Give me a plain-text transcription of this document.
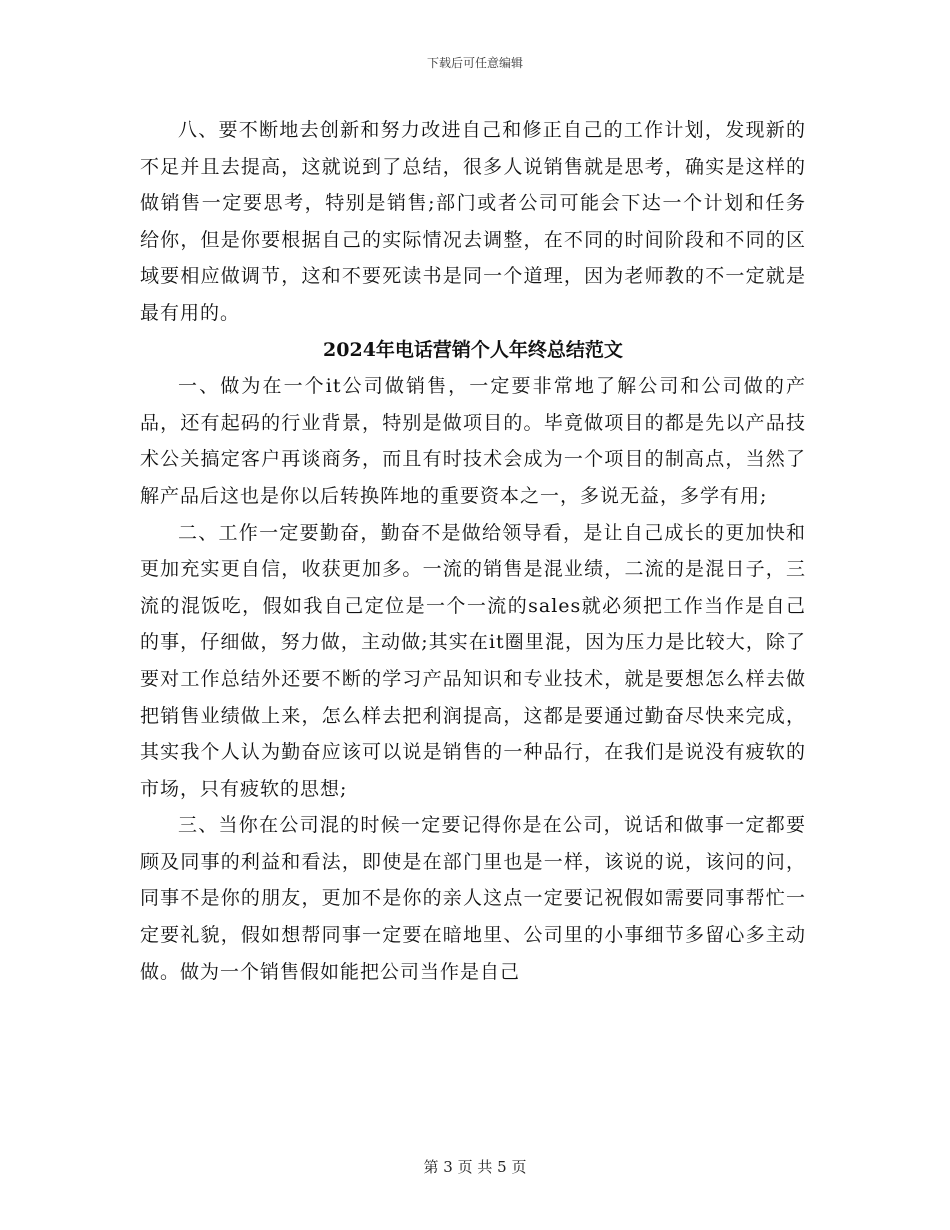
下载后可任意编辑

八、要不断地去创新和努力改进自己和修正自己的工作计划，发现新的不足并且去提高，这就说到了总结，很多人说销售就是思考，确实是这样的做销售一定要思考，特别是销售;部门或者公司可能会下达一个计划和任务给你，但是你要根据自己的实际情况去调整，在不同的时间阶段和不同的区域要相应做调节，这和不要死读书是同一个道理，因为老师教的不一定就是最有用的。

2024年电话营销个人年终总结范文

一、做为在一个it公司做销售，一定要非常地了解公司和公司做的产品，还有起码的行业背景，特别是做项目的。毕竟做项目的都是先以产品技术公关搞定客户再谈商务，而且有时技术会成为一个项目的制高点，当然了解产品后这也是你以后转换阵地的重要资本之一，多说无益，多学有用;

二、工作一定要勤奋，勤奋不是做给领导看，是让自己成长的更加快和更加充实更自信，收获更加多。一流的销售是混业绩，二流的是混日子，三流的混饭吃，假如我自己定位是一个一流的sales就必须把工作当作是自己的事，仔细做，努力做，主动做;其实在it圈里混，因为压力是比较大，除了要对工作总结外还要不断的学习产品知识和专业技术，就是要想怎么样去做把销售业绩做上来，怎么样去把利润提高，这都是要通过勤奋尽快来完成，其实我个人认为勤奋应该可以说是销售的一种品行，在我们是说没有疲软的市场，只有疲软的思想;

三、当你在公司混的时候一定要记得你是在公司，说话和做事一定都要顾及同事的利益和看法，即使是在部门里也是一样，该说的说，该问的问，同事不是你的朋友，更加不是你的亲人这点一定要记祝假如需要同事帮忙一定要礼貌，假如想帮同事一定要在暗地里、公司里的小事细节多留心多主动做。做为一个销售假如能把公司当作是自己

第 3 页 共 5 页
